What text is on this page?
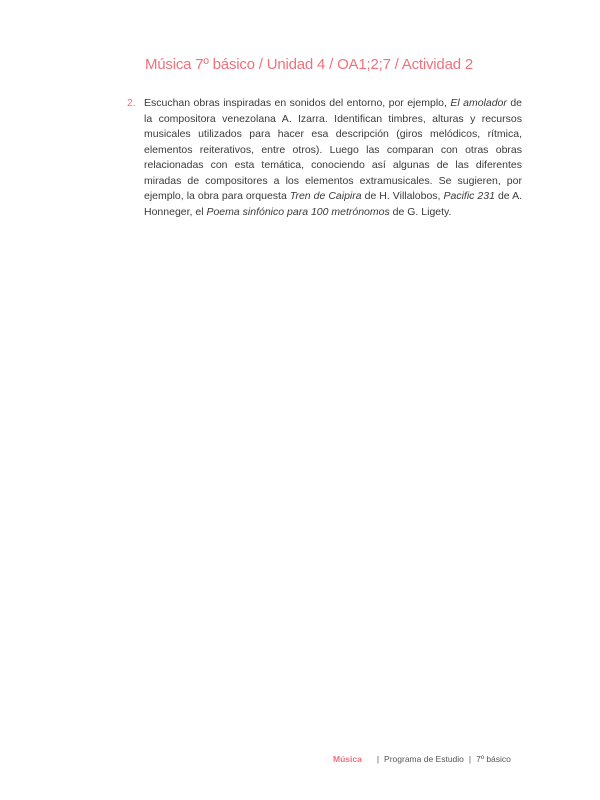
Música 7º básico / Unidad 4 / OA1;2;7 / Actividad 2
2. Escuchan obras inspiradas en sonidos del entorno, por ejemplo, El amolador de la compositora venezolana A. Izarra. Identifican timbres, alturas y recursos musicales utilizados para hacer esa descripción (giros melódicos, rítmica, elementos reiterativos, entre otros). Luego las comparan con otras obras relacionadas con esta temática, conociendo así algunas de las diferentes miradas de compositores a los elementos extramusicales. Se sugieren, por ejemplo, la obra para orquesta Tren de Caipira de H. Villalobos, Pacific 231 de A. Honneger, el Poema sinfónico para 100 metrónomos de G. Ligety.

Música | Programa de Estudio | 7º básico
